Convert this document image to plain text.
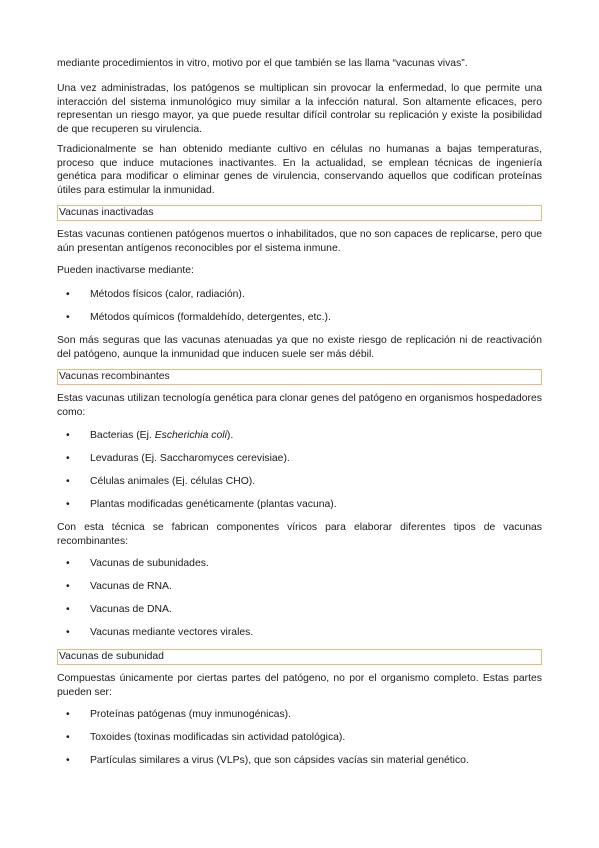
mediante procedimientos in vitro, motivo por el que también se las llama “vacunas vivas”.

Una vez administradas, los patógenos se multiplican sin provocar la enfermedad, lo que permite una interacción del sistema inmunológico muy similar a la infección natural. Son altamente eficaces, pero representan un riesgo mayor, ya que puede resultar difícil controlar su replicación y existe la posibilidad de que recuperen su virulencia.

Tradicionalmente se han obtenido mediante cultivo en células no humanas a bajas temperaturas, proceso que induce mutaciones inactivantes. En la actualidad, se emplean técnicas de ingeniería genética para modificar o eliminar genes de virulencia, conservando aquellos que codifican proteínas útiles para estimular la inmunidad.

Vacunas inactivadas

Estas vacunas contienen patógenos muertos o inhabilitados, que no son capaces de replicarse, pero que aún presentan antígenos reconocibles por el sistema inmune.

Pueden inactivarse mediante:

•	Métodos físicos (calor, radiación).
•	Métodos químicos (formaldehído, detergentes, etc.).

Son más seguras que las vacunas atenuadas ya que no existe riesgo de replicación ni de reactivación del patógeno, aunque la inmunidad que inducen suele ser más débil.

Vacunas recombinantes

Estas vacunas utilizan tecnología genética para clonar genes del patógeno en organismos hospedadores como:

•	Bacterias (Ej. Escherichia coli).
•	Levaduras (Ej. Saccharomyces cerevisiae).
•	Células animales (Ej. células CHO).
•	Plantas modificadas genéticamente (plantas vacuna).

Con esta técnica se fabrican componentes víricos para elaborar diferentes tipos de vacunas recombinantes:

•	Vacunas de subunidades.
•	Vacunas de RNA.
•	Vacunas de DNA.
•	Vacunas mediante vectores virales.
Vacunas de subunidad

Compuestas únicamente por ciertas partes del patógeno, no por el organismo completo. Estas partes pueden ser:

•	Proteínas patógenas (muy inmunogénicas).
•	Toxoides (toxinas modificadas sin actividad patológica).
•	Partículas similares a virus (VLPs), que son cápsides vacías sin material genético.
